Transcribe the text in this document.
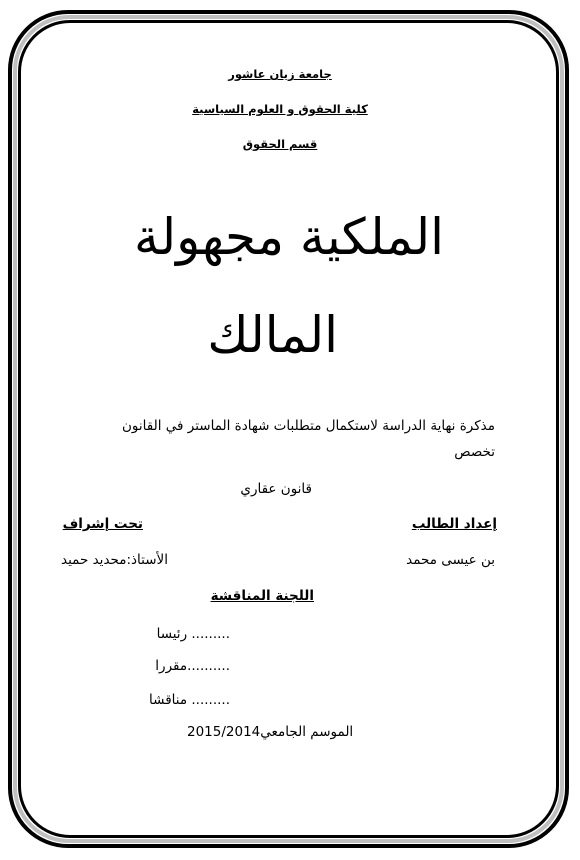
جامعة زيان عاشور
كلية الحقوق و العلوم السياسية
قسم الحقوق
الملكية مجهولة
المالك
مذكرة نهاية الدراسة لاستكمال متطلبات شهادة الماستر في القانون
تخصص
قانون عقاري
إعداد الطالب
تحت إشراف
بن عيسى محمد
الأستاذ:محديد حميد
اللجنة المناقشة
......... رئيسا
..........مقررا
......... مناقشا
الموسم الجامعي2015/2014
